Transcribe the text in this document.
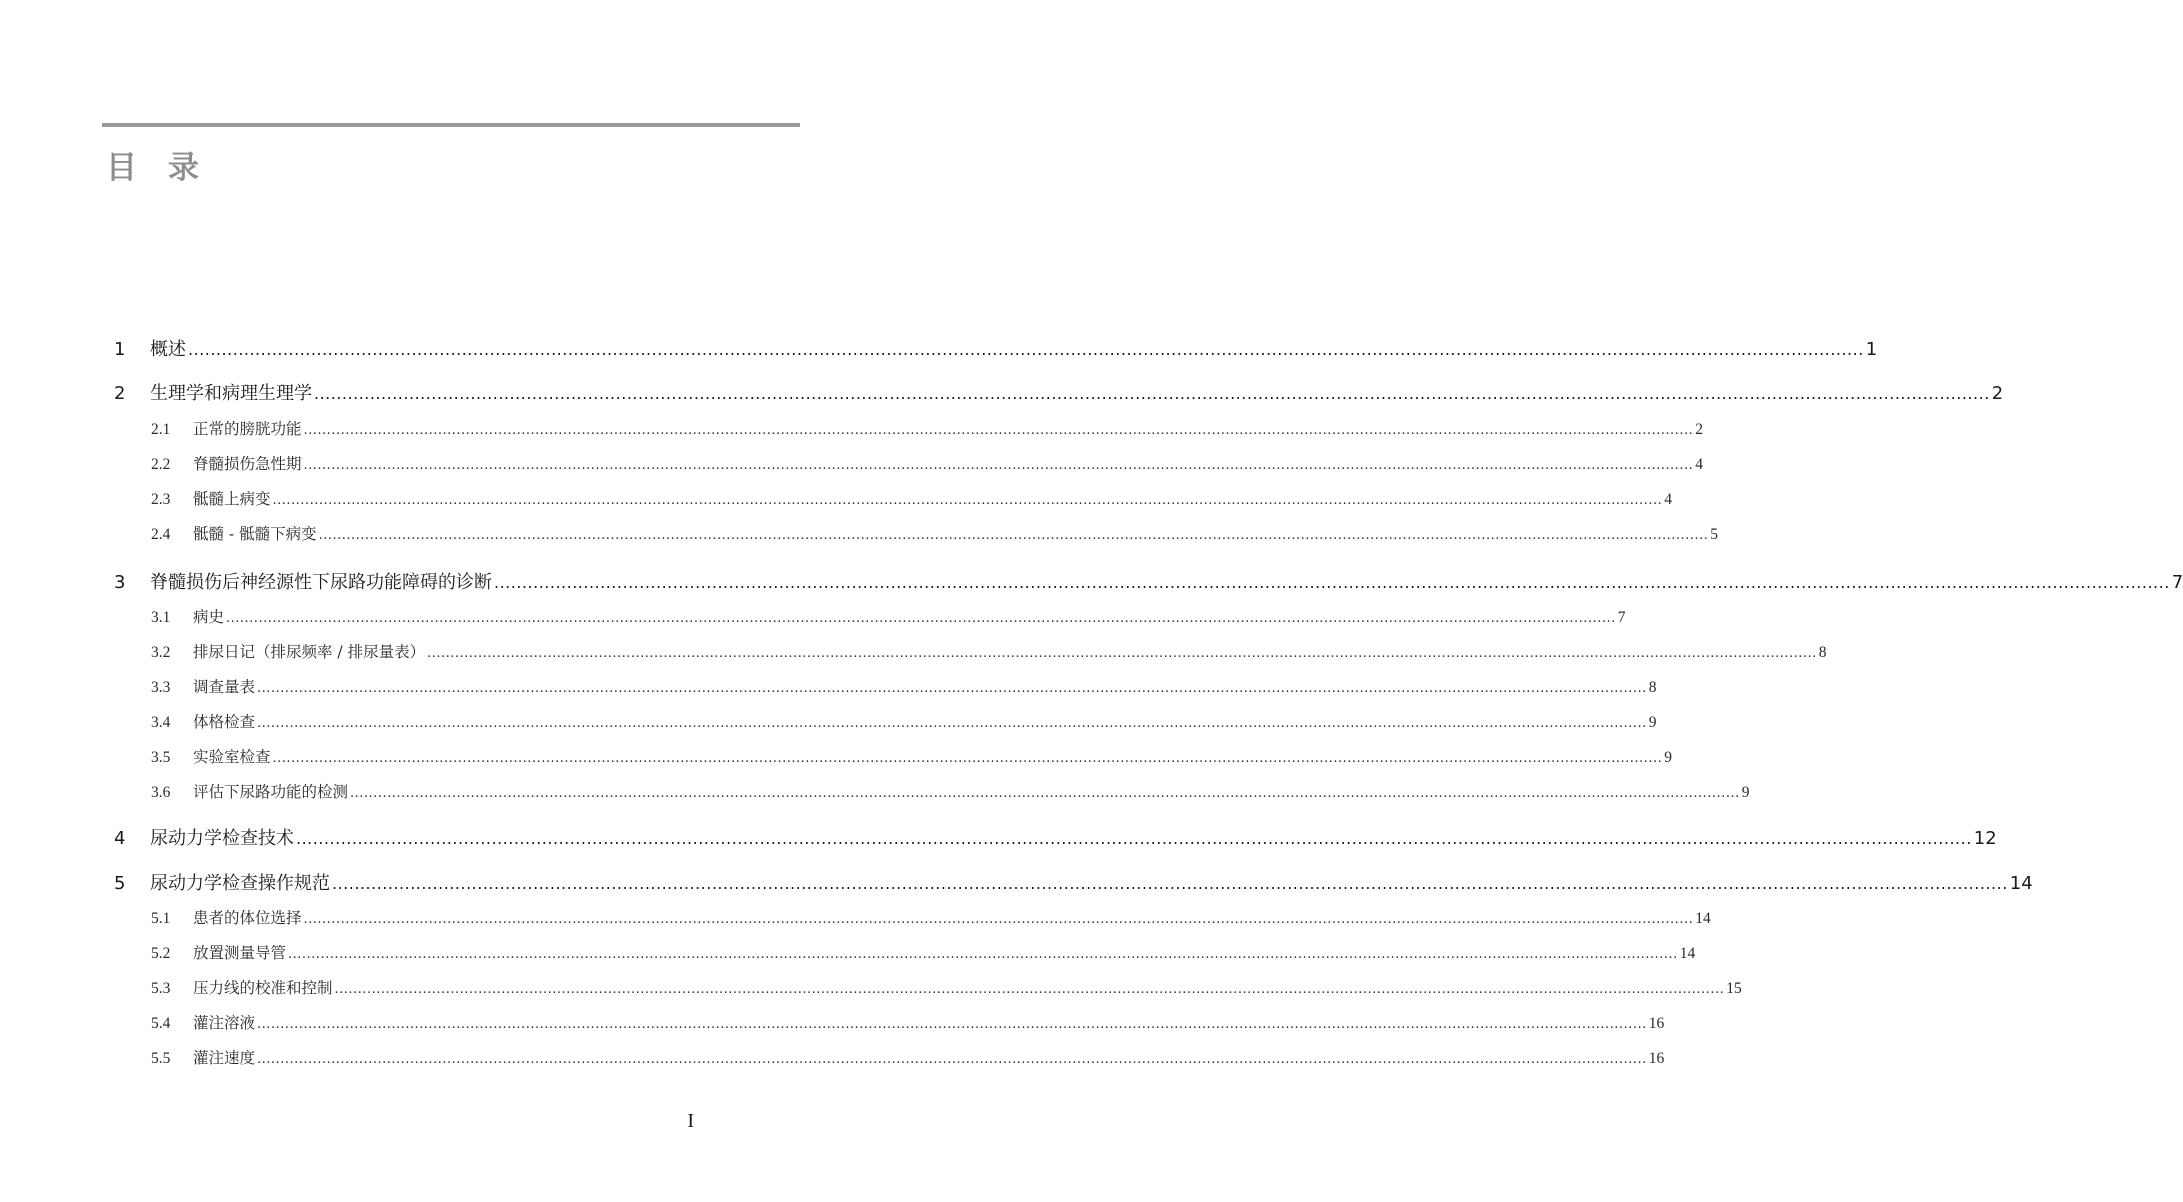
目  录
1 概述 ............................................................................................................................................................................................................................................................................................................ 1
2 生理学和病理生理学 ............................................................................................................................................................................................................................................................................................................ 2
2.1 正常的膀胱功能 ............................................................................................................................................................................................................................................................................................................ 2
2.2 脊髓损伤急性期 ............................................................................................................................................................................................................................................................................................................ 4
2.3 骶髓上病变 ............................................................................................................................................................................................................................................................................................................ 4
2.4 骶髓 - 骶髓下病变 ............................................................................................................................................................................................................................................................................................................ 5
3 脊髓损伤后神经源性下尿路功能障碍的诊断 ............................................................................................................................................................................................................................................................................................................ 7
3.1 病史 ............................................................................................................................................................................................................................................................................................................ 7
3.2 排尿日记（排尿频率 / 排尿量表） ............................................................................................................................................................................................................................................................................................................ 8
3.3 调查量表 ............................................................................................................................................................................................................................................................................................................ 8
3.4 体格检查 ............................................................................................................................................................................................................................................................................................................ 9
3.5 实验室检查 ............................................................................................................................................................................................................................................................................................................ 9
3.6 评估下尿路功能的检测 ............................................................................................................................................................................................................................................................................................................ 9
4 尿动力学检查技术 ............................................................................................................................................................................................................................................................................................................ 12
5 尿动力学检查操作规范 ............................................................................................................................................................................................................................................................................................................ 14
5.1 患者的体位选择 ............................................................................................................................................................................................................................................................................................................ 14
5.2 放置测量导管 ............................................................................................................................................................................................................................................................................................................ 14
5.3 压力线的校准和控制 ............................................................................................................................................................................................................................................................................................................ 15
5.4 灌注溶液 ............................................................................................................................................................................................................................................................................................................ 16
5.5 灌注速度 ............................................................................................................................................................................................................................................................................................................ 16
I
